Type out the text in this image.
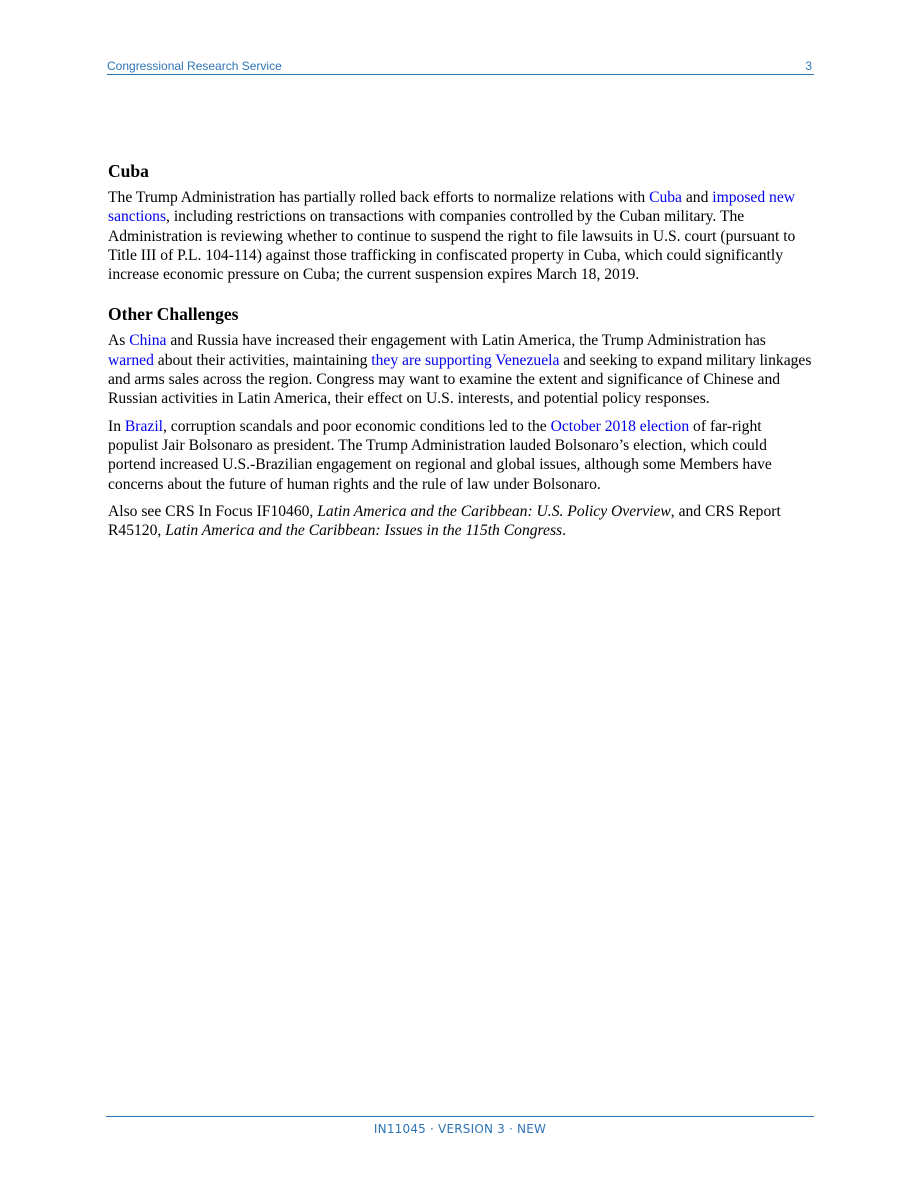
Congressional Research Service	3
Cuba

The Trump Administration has partially rolled back efforts to normalize relations with Cuba and imposed new sanctions, including restrictions on transactions with companies controlled by the Cuban military. The Administration is reviewing whether to continue to suspend the right to file lawsuits in U.S. court (pursuant to Title III of P.L. 104-114) against those trafficking in confiscated property in Cuba, which could significantly increase economic pressure on Cuba; the current suspension expires March 18, 2019.

Other Challenges

As China and Russia have increased their engagement with Latin America, the Trump Administration has warned about their activities, maintaining they are supporting Venezuela and seeking to expand military linkages and arms sales across the region. Congress may want to examine the extent and significance of Chinese and Russian activities in Latin America, their effect on U.S. interests, and potential policy responses.

In Brazil, corruption scandals and poor economic conditions led to the October 2018 election of far-right populist Jair Bolsonaro as president. The Trump Administration lauded Bolsonaro’s election, which could portend increased U.S.-Brazilian engagement on regional and global issues, although some Members have concerns about the future of human rights and the rule of law under Bolsonaro.

Also see CRS In Focus IF10460, Latin America and the Caribbean: U.S. Policy Overview, and CRS Report R45120, Latin America and the Caribbean: Issues in the 115th Congress.

IN11045 · VERSION 3 · NEW
